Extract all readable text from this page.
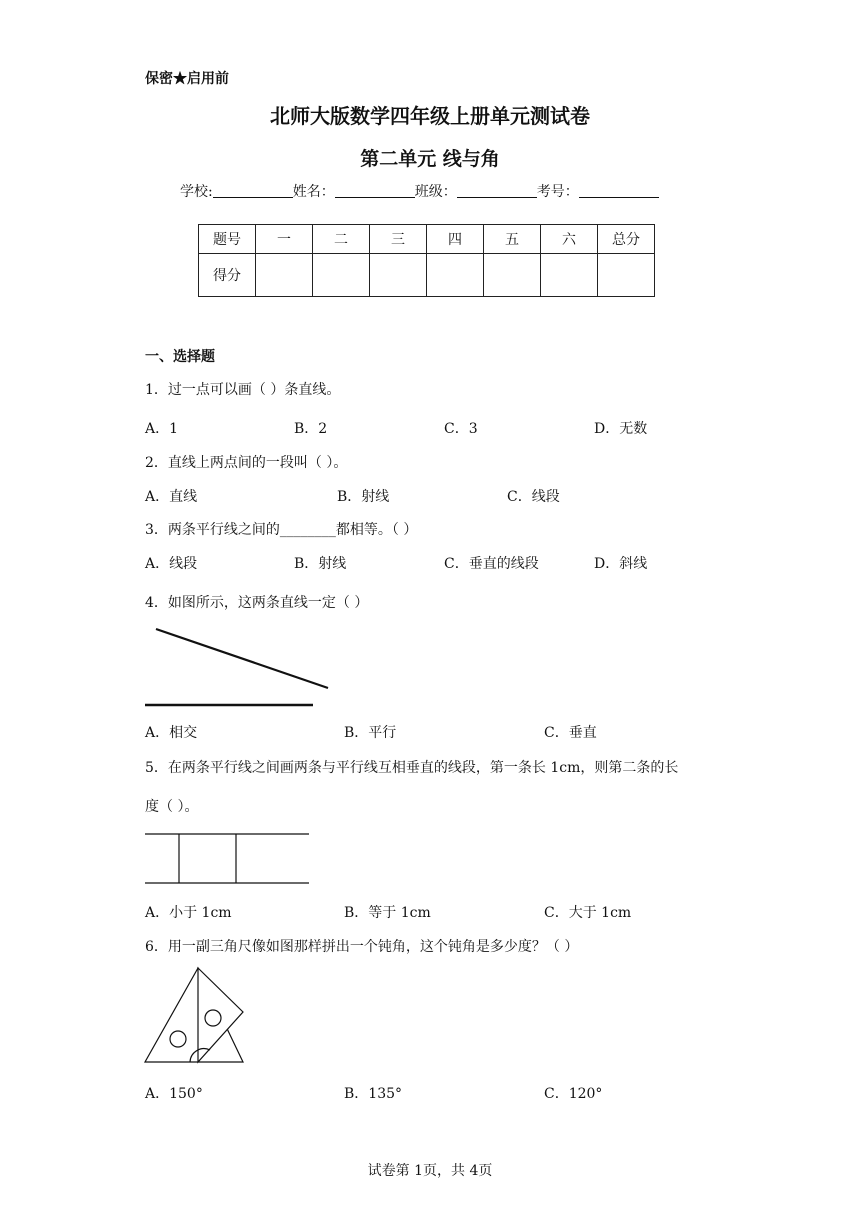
保密★启用前
北师大版数学四年级上册单元测试卷
第二单元 线与角
学校:	姓名：	班级：	考号：
题号	一	二	三	四	五	六	总分
得分							
一、选择题
1．过一点可以画（ ）条直线。
A．1	B．2	C．3	D．无数
2．直线上两点间的一段叫（ ）。
A．直线	B．射线	C．线段
3．两条平行线之间的________都相等。（ ）
A．线段	B．射线	C．垂直的线段	D．斜线
4．如图所示，这两条直线一定（ ）
A．相交	B．平行	C．垂直
5．在两条平行线之间画两条与平行线互相垂直的线段，第一条长 1cm，则第二条的长
度（ ）。
A．小于 1cm	B．等于 1cm	C．大于 1cm
6．用一副三角尺像如图那样拼出一个钝角，这个钝角是多少度？（ ）
A．150°	B．135°	C．120°
试卷第 1页，共 4页
